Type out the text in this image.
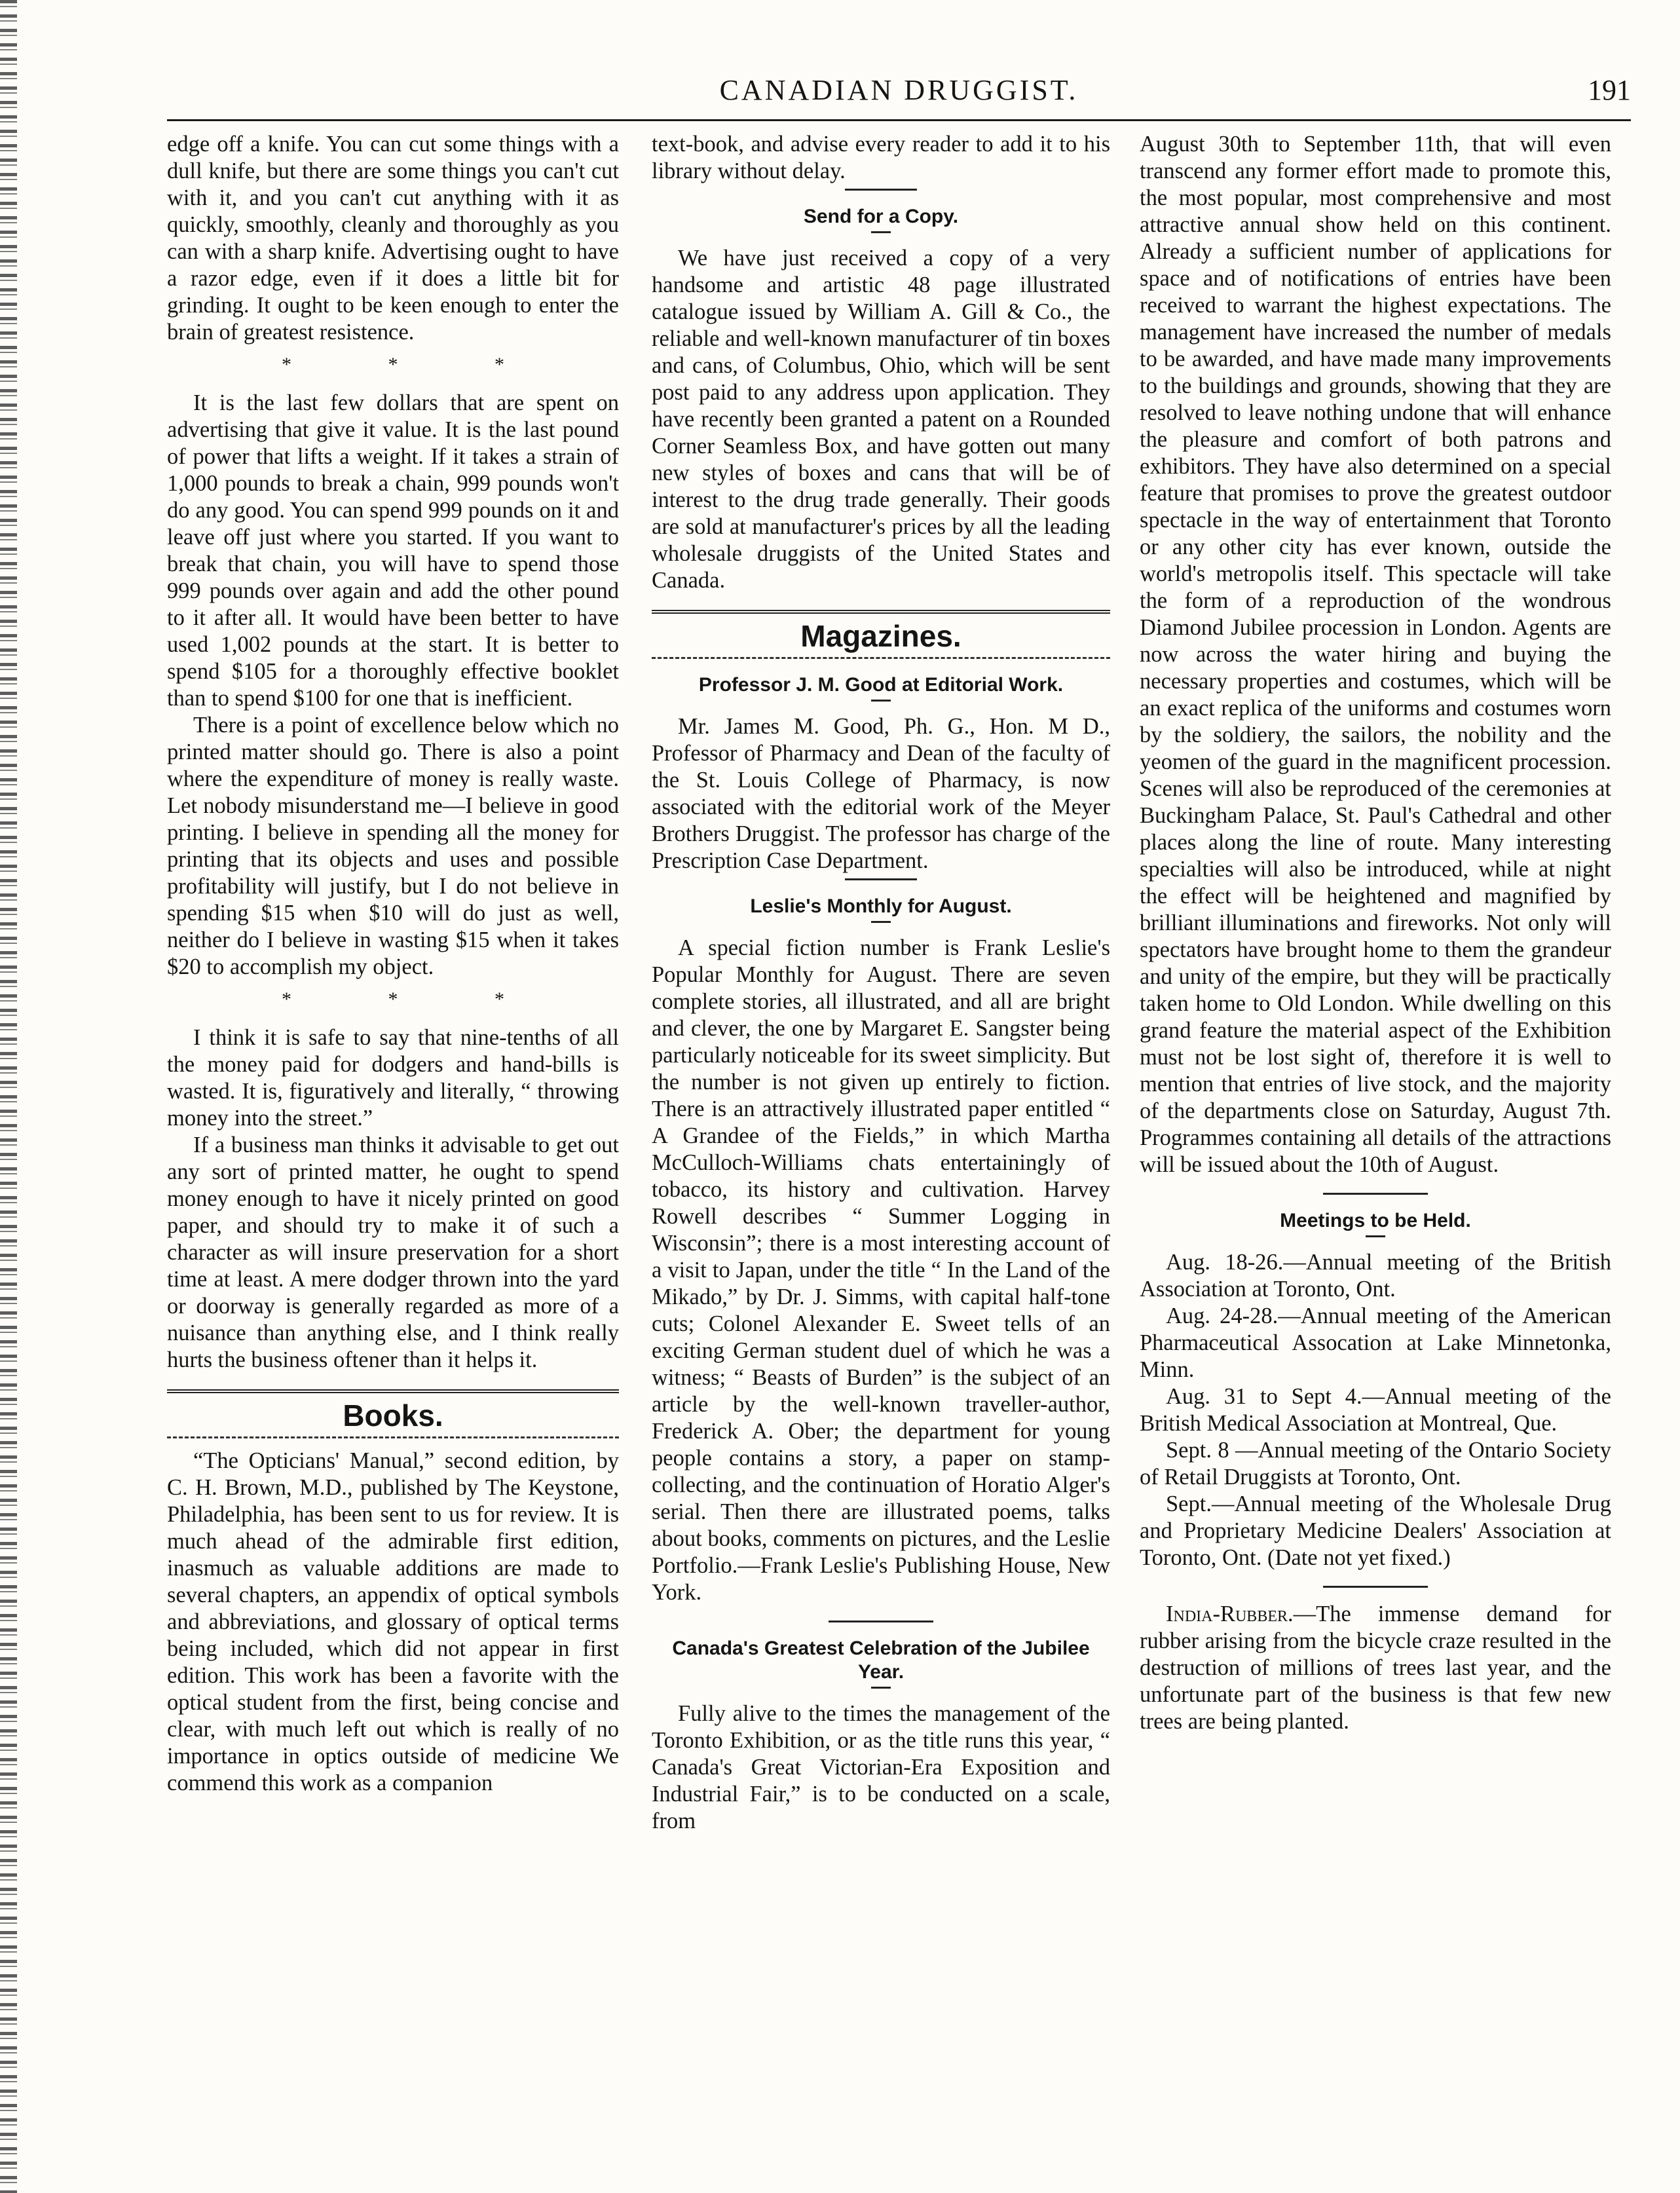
CANADIAN DRUGGIST.	191

edge off a knife. You can cut some things with a dull knife, but there are some things you can't cut with it, and you can't cut anything with it as quickly, smoothly, cleanly and thoroughly as you can with a sharp knife. Advertising ought to have a razor edge, even if it does a little bit for grinding. It ought to be keen enough to enter the brain of greatest resistence.

* * *

It is the last few dollars that are spent on advertising that give it value. It is the last pound of power that lifts a weight. If it takes a strain of 1,000 pounds to break a chain, 999 pounds won't do any good. You can spend 999 pounds on it and leave off just where you started. If you want to break that chain, you will have to spend those 999 pounds over again and add the other pound to it after all. It would have been better to have used 1,002 pounds at the start. It is better to spend $105 for a thoroughly effective booklet than to spend $100 for one that is inefficient.

There is a point of excellence below which no printed matter should go. There is also a point where the expenditure of money is really waste. Let nobody misunderstand me—I believe in good printing. I believe in spending all the money for printing that its objects and uses and possible profitability will justify, but I do not believe in spending $15 when $10 will do just as well, neither do I believe in wasting $15 when it takes $20 to accomplish my object.

* * *

I think it is safe to say that nine-tenths of all the money paid for dodgers and hand-bills is wasted. It is, figuratively and literally, “ throwing money into the street.”

If a business man thinks it advisable to get out any sort of printed matter, he ought to spend money enough to have it nicely printed on good paper, and should try to make it of such a character as will insure preservation for a short time at least. A mere dodger thrown into the yard or doorway is generally regarded as more of a nuisance than anything else, and I think really hurts the business oftener than it helps it.

Books.

“The Opticians' Manual,” second edition, by C. H. Brown, M.D., published by The Keystone, Philadelphia, has been sent to us for review. It is much ahead of the admirable first edition, inasmuch as valuable additions are made to several chapters, an appendix of optical symbols and abbreviations, and glossary of optical terms being included, which did not appear in first edition. This work has been a favorite with the optical student from the first, being concise and clear, with much left out which is really of no importance in optics outside of medicine We commend this work as a companion

text-book, and advise every reader to add it to his library without delay.

Send for a Copy.

We have just received a copy of a very handsome and artistic 48 page illustrated catalogue issued by William A. Gill & Co., the reliable and well-known manufacturer of tin boxes and cans, of Columbus, Ohio, which will be sent post paid to any address upon application. They have recently been granted a patent on a Rounded Corner Seamless Box, and have gotten out many new styles of boxes and cans that will be of interest to the drug trade generally. Their goods are sold at manufacturer's prices by all the leading wholesale druggists of the United States and Canada.

Magazines.
Professor J. M. Good at Editorial Work.

Mr. James M. Good, Ph. G., Hon. M D., Professor of Pharmacy and Dean of the faculty of the St. Louis College of Pharmacy, is now associated with the editorial work of the Meyer Brothers Druggist. The professor has charge of the Prescription Case Department.

Leslie's Monthly for August.

A special fiction number is Frank Leslie's Popular Monthly for August. There are seven complete stories, all illustrated, and all are bright and clever, the one by Margaret E. Sangster being particularly noticeable for its sweet simplicity. But the number is not given up entirely to fiction. There is an attractively illustrated paper entitled “ A Grandee of the Fields,” in which Martha McCulloch-Williams chats entertainingly of tobacco, its history and cultivation. Harvey Rowell describes “ Summer Logging in Wisconsin”; there is a most interesting account of a visit to Japan, under the title “ In the Land of the Mikado,” by Dr. J. Simms, with capital half-tone cuts; Colonel Alexander E. Sweet tells of an exciting German student duel of which he was a witness; “ Beasts of Burden” is the subject of an article by the well-known traveller-author, Frederick A. Ober; the department for young people contains a story, a paper on stamp-collecting, and the continuation of Horatio Alger's serial. Then there are illustrated poems, talks about books, comments on pictures, and the Leslie Portfolio.—Frank Leslie's Publishing House, New York.

Canada's Greatest Celebration of the Jubilee Year.

Fully alive to the times the management of the Toronto Exhibition, or as the title runs this year, “ Canada's Great Victorian-Era Exposition and Industrial Fair,” is to be conducted on a scale, from

August 30th to September 11th, that will even transcend any former effort made to promote this, the most popular, most comprehensive and most attractive annual show held on this continent. Already a sufficient number of applications for space and of notifications of entries have been received to warrant the highest expectations. The management have increased the number of medals to be awarded, and have made many improvements to the buildings and grounds, showing that they are resolved to leave nothing undone that will enhance the pleasure and comfort of both patrons and exhibitors. They have also determined on a special feature that promises to prove the greatest outdoor spectacle in the way of entertainment that Toronto or any other city has ever known, outside the world's metropolis itself. This spectacle will take the form of a reproduction of the wondrous Diamond Jubilee procession in London. Agents are now across the water hiring and buying the necessary properties and costumes, which will be an exact replica of the uniforms and costumes worn by the soldiery, the sailors, the nobility and the yeomen of the guard in the magnificent procession. Scenes will also be reproduced of the ceremonies at Buckingham Palace, St. Paul's Cathedral and other places along the line of route. Many interesting specialties will also be introduced, while at night the effect will be heightened and magnified by brilliant illuminations and fireworks. Not only will spectators have brought home to them the grandeur and unity of the empire, but they will be practically taken home to Old London. While dwelling on this grand feature the material aspect of the Exhibition must not be lost sight of, therefore it is well to mention that entries of live stock, and the majority of the departments close on Saturday, August 7th. Programmes containing all details of the attractions will be issued about the 10th of August.

Meetings to be Held.

Aug. 18-26.—Annual meeting of the British Association at Toronto, Ont.

Aug. 24-28.—Annual meeting of the American Pharmaceutical Assocation at Lake Minnetonka, Minn.

Aug. 31 to Sept 4.—Annual meeting of the British Medical Association at Montreal, Que.

Sept. 8 —Annual meeting of the Ontario Society of Retail Druggists at Toronto, Ont.

Sept.—Annual meeting of the Wholesale Drug and Proprietary Medicine Dealers' Association at Toronto, Ont. (Date not yet fixed.)

India-Rubber.—The immense demand for rubber arising from the bicycle craze resulted in the destruction of millions of trees last year, and the unfortunate part of the business is that few new trees are being planted.
